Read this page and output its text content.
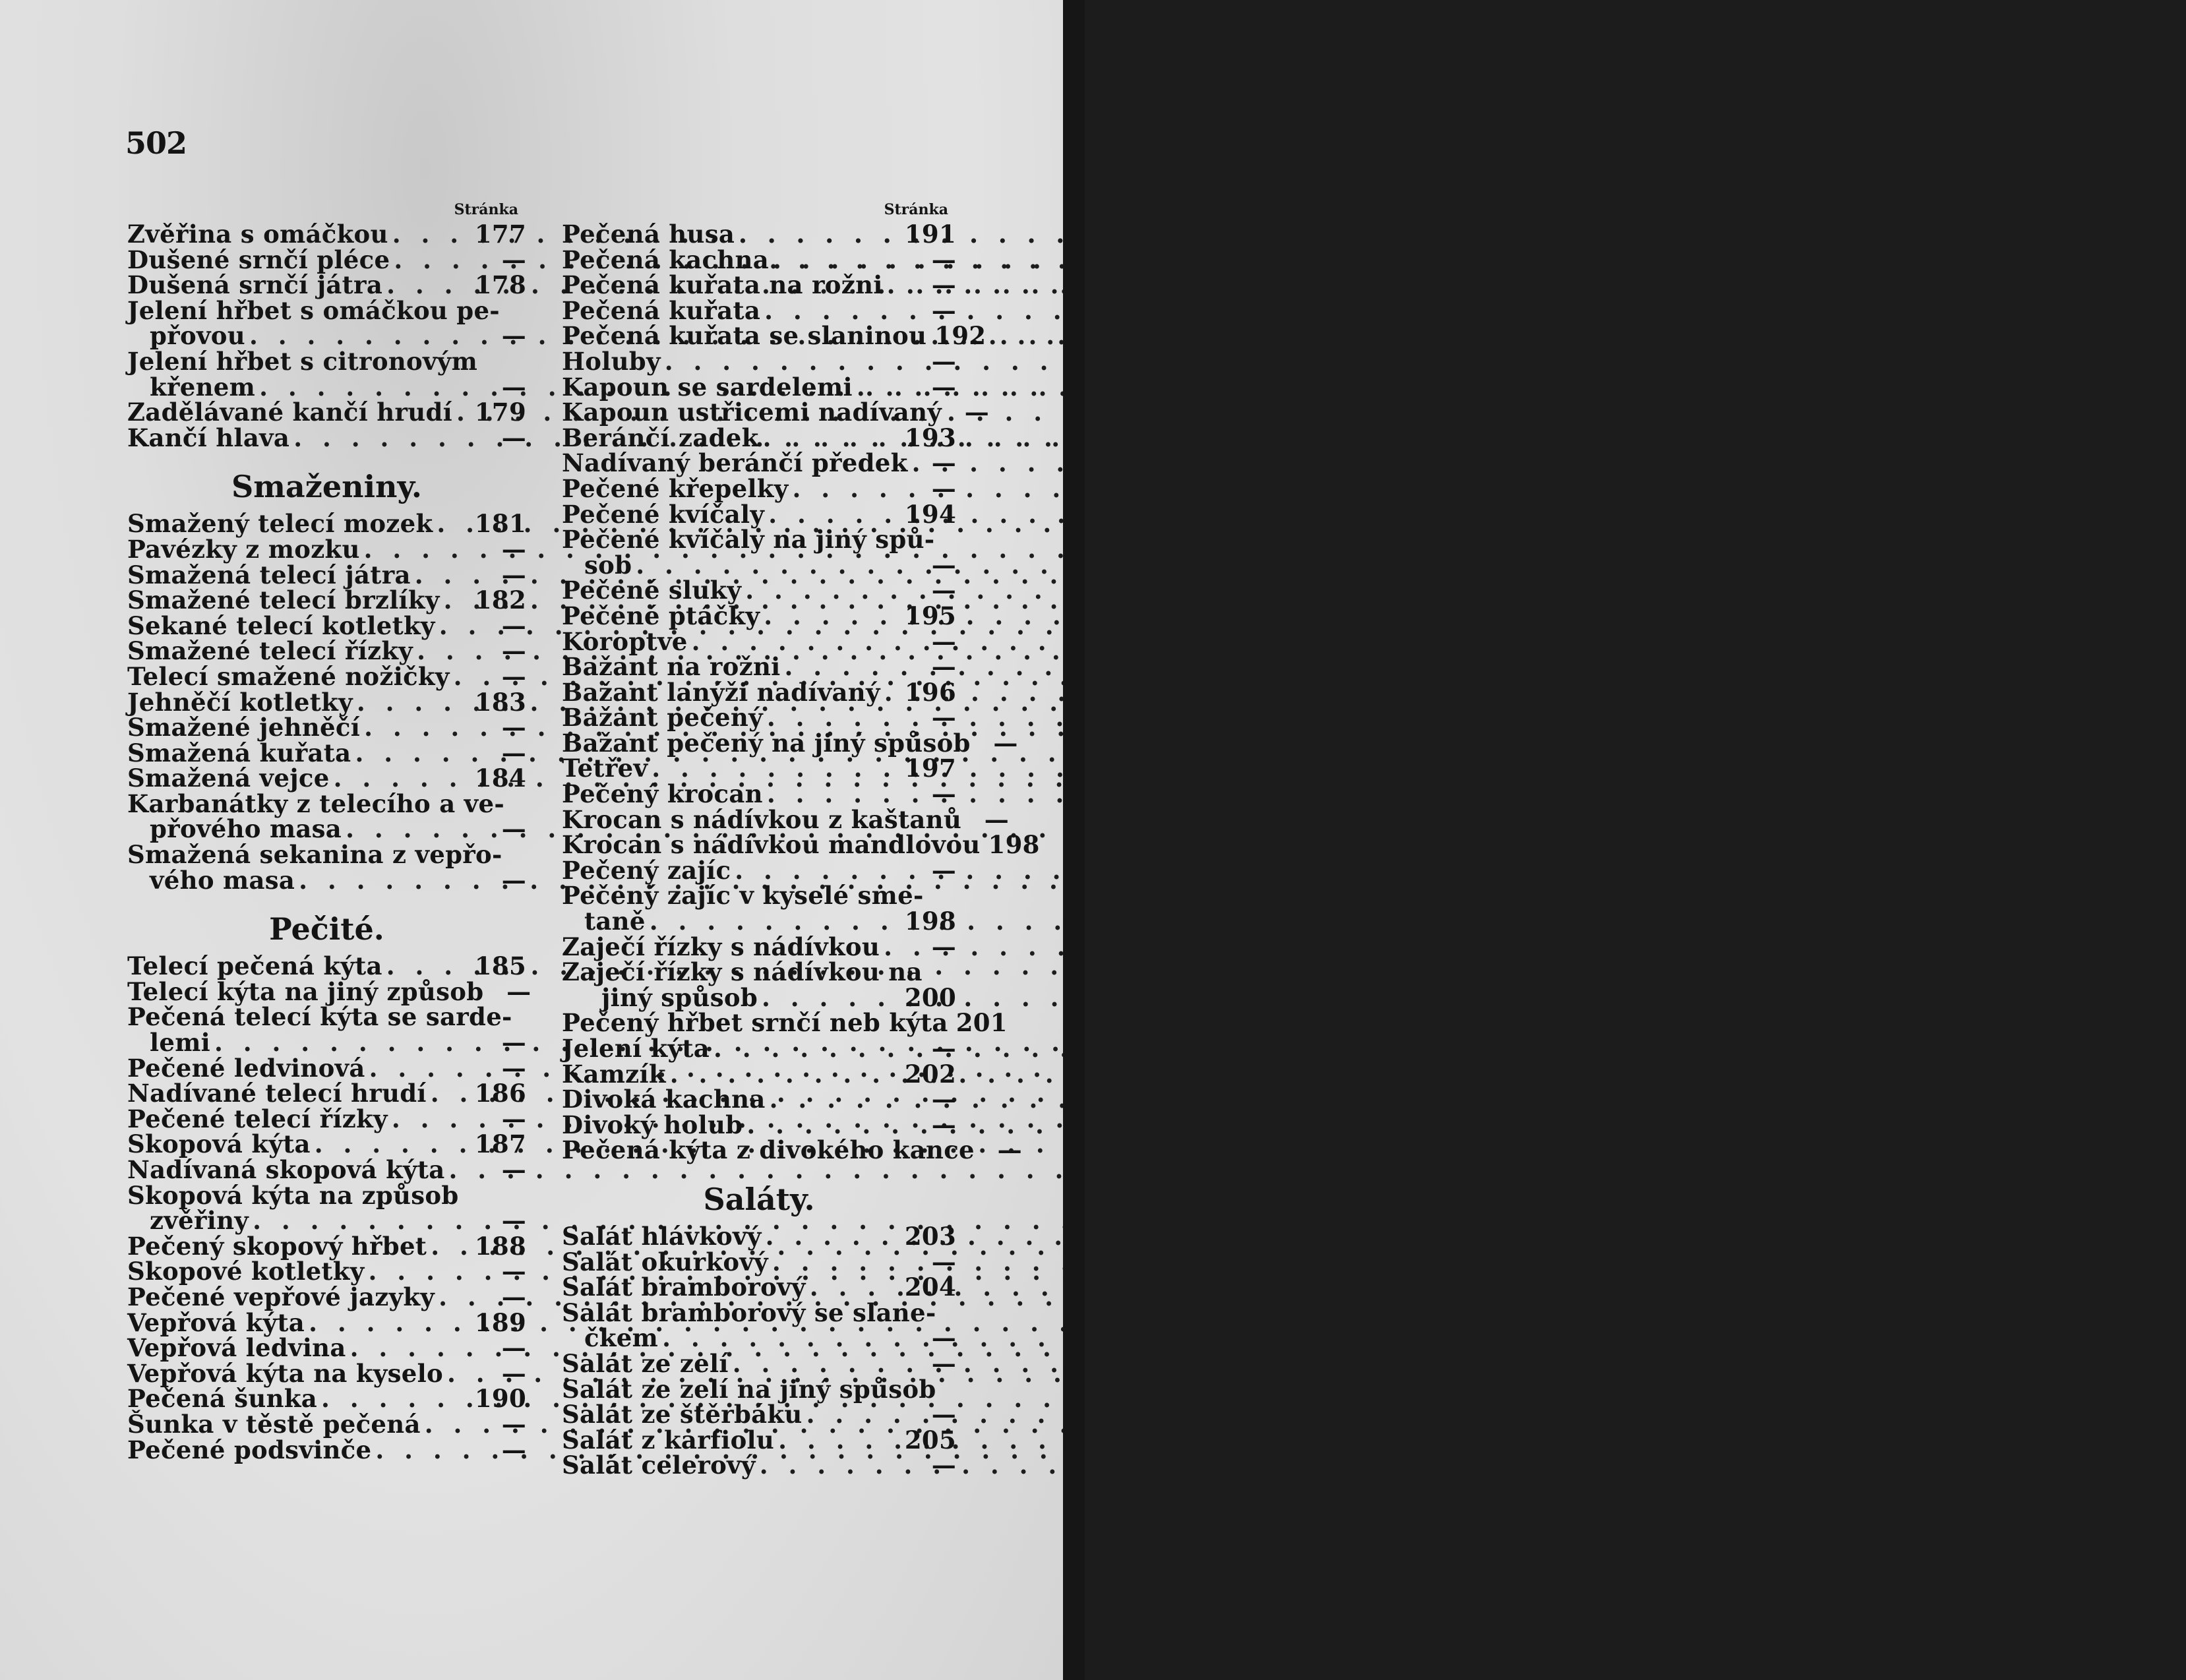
502
Stránka
Zvěřina s omáčkou . . .	177
Dušené srnčí pléce . . .	—
Dušená srnčí játra . . .	178
Jelení hřbet s omáčkou pe-
přovou . . .	—
Jelení hřbet s citronovým
křenem . . .	—
Zadělávané kančí hrudí . . . 179
Kančí hlava . . .	—
Smaženiny.
Smažený telecí mozek . . . 181
Pavézky z mozku . . .	—
Smažená telecí játra . . .	—
Smažené telecí brzlíky . . . 182
Sekané telecí kotletky . . .	—
Smažené telecí řízky . . .	—
Telecí smažené nožičky . . .	—
Jehněčí kotletky . . .	183
Smažené jehněčí . . .	—
Smažená kuřata . . .	—
Smažená vejce . . .	184
Karbanátky z telecího a ve-
přového masa . . .	—
Smažená sekanina z vepřo-
vého masa . . .	—
Pečité.
Telecí pečená kýta . . .	185
Telecí kýta na jiný způsob —
Pečená telecí kýta se sarde-
lemi . . .	—
Pečené ledvinová . . .	—
Nadívané telecí hrudí . . . 186
Pečené telecí řízky . . .	—
Skopová kýta . . .	187
Nadívaná skopová kýta . . .	—
Skopová kýta na způsob
zvěřiny . . .	—
Pečený skopový hřbet . . . 188
Skopové kotletky . . .	—
Pečené vepřové jazyky . . .	—
Vepřová kýta . . .	189
Vepřová ledvina . . .	—
Vepřová kýta na kyselo . . .	—
Pečená šunka . . .	190
Šunka v těstě pečená . . .	—
Pečené podsvinče . . .	—
Stránka
Pečená husa . . .	191
Pečená kachna . . .	—
Pečená kuřata na rožni . . .	—
Pečená kuřata . . .	—
Pečená kuřata se slaninou . . . 192
Holuby . . .	—
Kapoun se sardelemi . . .	—
Kapoun ustřicemi nadívaný —
Beránčí zadek . . .	193
Nadívaný beránčí předek . . . —
Pečené křepelky . . .	—
Pečené kvíčaly . . .	194
Pečené kvíčaly na jiný spů-
sob . . .	—
Pečené sluky . . .	—
Pečené ptáčky . . .	195
Koroptve . . .	—
Bažant na rožni . . .	—
Bažant lanýži nadívaný . . . 196
Bažant pečený . . .	—
Bažant pečený na jiný spůsob —
Tetřev . . .	197
Pečený krocan . . .	—
Krocan s nádívkou z kaštanů —
Krocan s nádívkou mandlovou 198
Pečený zajíc . . .	—
Pečený zajíc v kyselé sme-
taně . . .	198
Zaječí řízky s nádívkou . . .	—
Zaječí řízky s nádívkou na
jiný spůsob . . .	200
Pečený hřbet srnčí neb kýta 201
Jelení kýta . . .	—
Kamzík . . .	202
Divoká kachna . . .	—
Divoký holub . . .	—
Pečená kýta z divokého kance —
Saláty.
Salát hlávkový . . .	203
Salát okurkový . . .	—
Salát bramborový . . .	204
Salát bramborový se slane-
čkem . . .	—
Salát ze zelí . . .	—
Salát ze zelí na jiný spůsob
Salát ze štěrbáku . . .	—
Salát z karfiolu . . .	205
Salát celerový . . .	—
